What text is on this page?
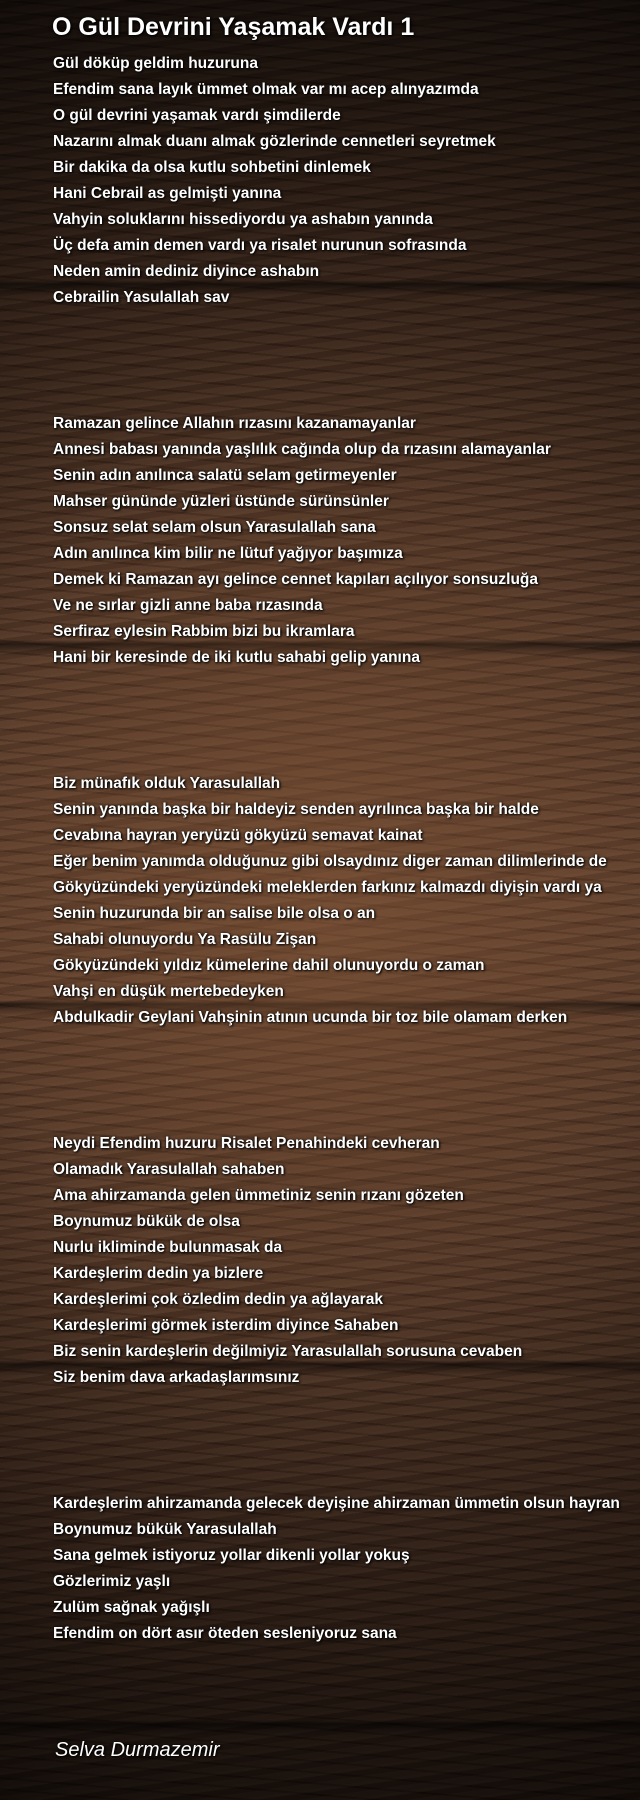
O Gül Devrini Yaşamak Vardı 1
Gül döküp geldim huzuruna
Efendim sana layık ümmet olmak var mı acep alınyazımda
O gül devrini yaşamak vardı şimdilerde
Nazarını almak duanı almak gözlerinde cennetleri seyretmek
Bir dakika da olsa kutlu sohbetini dinlemek
Hani Cebrail as gelmişti yanına
Vahyin soluklarını hissediyordu ya ashabın yanında
Üç defa amin demen vardı ya risalet nurunun sofrasında
Neden amin dediniz diyince ashabın
Cebrailin Yasulallah sav
Ramazan gelince Allahın rızasını kazanamayanlar
Annesi babası yanında yaşlılık cağında olup da rızasını alamayanlar
Senin adın anılınca salatü selam getirmeyenler
Mahser gününde yüzleri üstünde sürünsünler
Sonsuz selat selam olsun Yarasulallah sana
Adın anılınca kim bilir ne lütuf yağıyor başımıza
Demek ki Ramazan ayı gelince cennet kapıları açılıyor sonsuzluğa
Ve ne sırlar gizli anne baba rızasında
Serfiraz eylesin Rabbim bizi bu ikramlara
Hani bir keresinde de iki kutlu sahabi gelip yanına
Biz münafık olduk Yarasulallah
Senin yanında başka bir haldeyiz senden ayrılınca başka bir halde
Cevabına hayran yeryüzü gökyüzü semavat kainat
Eğer benim yanımda olduğunuz gibi olsaydınız diger zaman dilimlerinde de
Gökyüzündeki yeryüzündeki meleklerden farkınız kalmazdı diyişin vardı ya
Senin huzurunda bir an salise bile olsa o an
Sahabi olunuyordu Ya Rasülu Zişan
Gökyüzündeki yıldız kümelerine dahil olunuyordu o zaman
Vahşi en düşük mertebedeyken
Abdulkadir Geylani Vahşinin atının ucunda bir toz bile olamam derken
Neydi Efendim huzuru Risalet Penahindeki cevheran
Olamadık Yarasulallah sahaben
Ama ahirzamanda gelen ümmetiniz senin rızanı gözeten
Boynumuz bükük de olsa
Nurlu ikliminde bulunmasak da
Kardeşlerim dedin ya bizlere
Kardeşlerimi çok özledim dedin ya ağlayarak
Kardeşlerimi görmek isterdim diyince Sahaben
Biz senin kardeşlerin değilmiyiz Yarasulallah sorusuna cevaben
Siz benim dava arkadaşlarımsınız
Kardeşlerim ahirzamanda gelecek deyişine ahirzaman ümmetin olsun hayran
Boynumuz bükük Yarasulallah
Sana gelmek istiyoruz yollar dikenli yollar yokuş
Gözlerimiz yaşlı
Zulüm sağnak yağışlı
Efendim on dört asır öteden sesleniyoruz sana
Selva Durmazemir
